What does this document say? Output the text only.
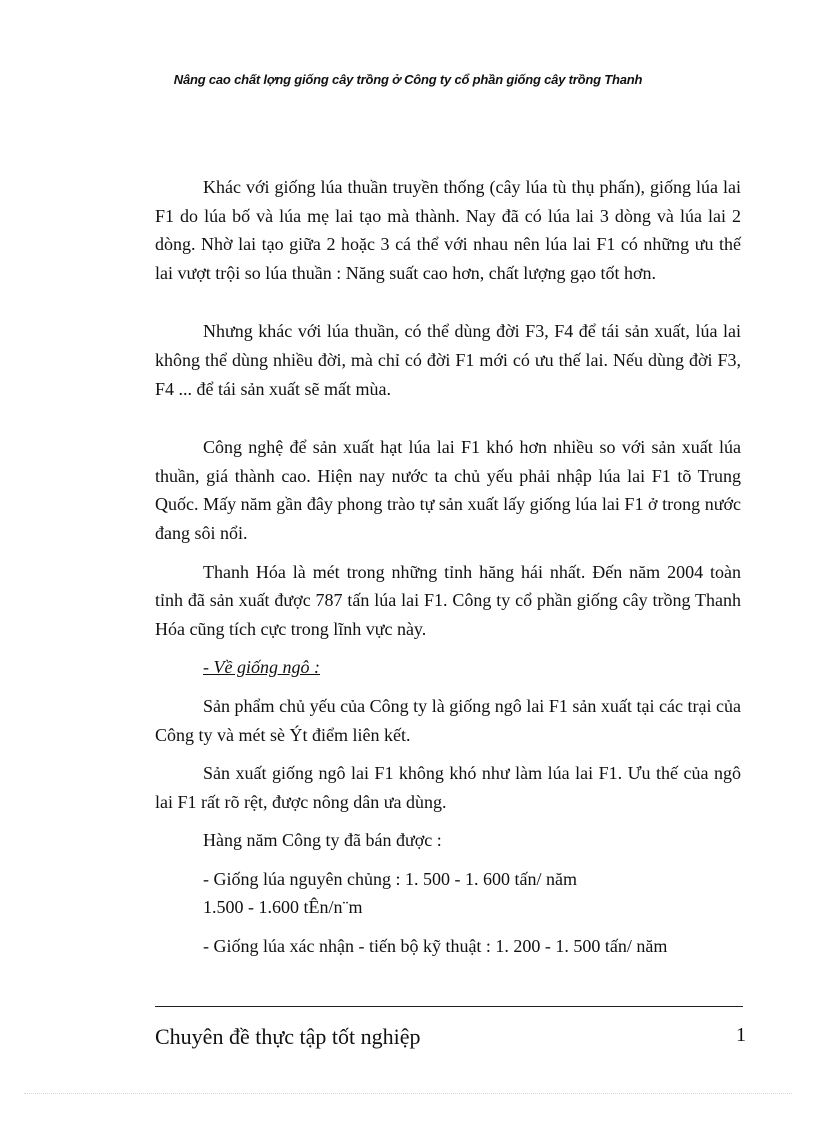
Nâng cao chất lợng giống cây trồng ở Công ty cổ phần giống cây trồng Thanh

Khác với giống lúa thuần truyền thống (cây lúa tù thụ phấn), giống lúa lai F1 do lúa bố và lúa mẹ lai tạo mà thành. Nay đã có lúa lai 3 dòng và lúa lai 2 dòng. Nhờ lai tạo giữa 2 hoặc 3 cá thể với nhau nên lúa lai F1 có những ưu thế lai vượt trội so lúa thuần : Năng suất cao hơn, chất lượng gạo tốt hơn.

Nhưng khác với lúa thuần, có thể dùng đời F3, F4 để tái sản xuất, lúa lai không thể dùng nhiều đời, mà chỉ có đời F1 mới có ưu thế lai. Nếu dùng đời F3, F4 ... để tái sản xuất sẽ mất mùa.

Công nghệ để sản xuất hạt lúa lai F1 khó hơn nhiều so với sản xuất lúa thuần, giá thành cao. Hiện nay nước ta chủ yếu phải nhập lúa lai F1 tõ Trung Quốc. Mấy năm gần đây phong trào tự sản xuất lấy giống lúa lai F1 ở trong nước đang sôi nổi.

Thanh Hóa là mét trong những tỉnh hăng hái nhất. Đến năm 2004 toàn tỉnh đã sản xuất được 787 tấn lúa lai F1. Công ty cổ phần giống cây trồng Thanh Hóa cũng tích cực trong lĩnh vực này.

- Về giống ngô :

Sản phẩm chủ yếu của Công ty là giống ngô lai F1 sản xuất tại các trại của Công ty và mét sè Ýt điểm liên kết.

Sản xuất giống ngô lai F1 không khó như làm lúa lai F1. Ưu thế của ngô lai F1 rất rõ rệt, được nông dân ưa dùng.

Hàng năm Công ty đã bán được :
- Giống lúa nguyên chủng : 1. 500 - 1. 600 tấn/ năm
1.500 - 1.600 tÊn/n¨m
- Giống lúa xác nhận - tiến bộ kỹ thuật : 1. 200 - 1. 500 tấn/ năm
Chuyên đề thực tập tốt nghiệp	1
